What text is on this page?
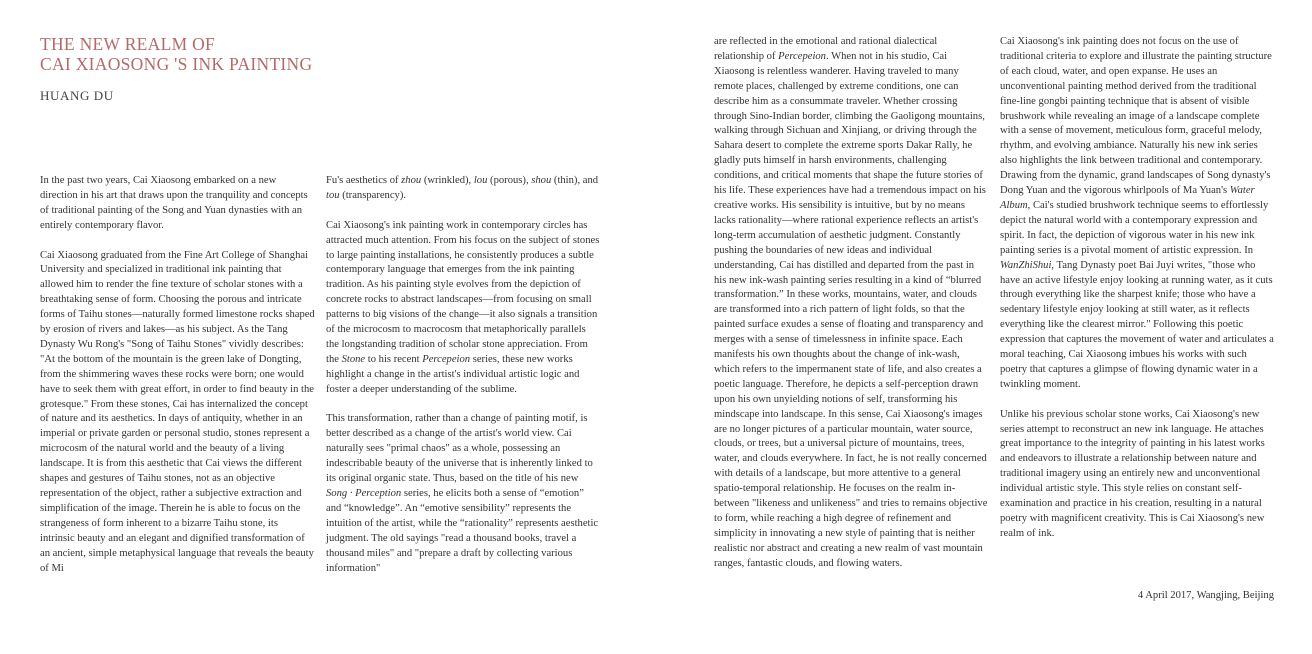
THE NEW REALM OF
CAI XIAOSONG 'S INK PAINTING
HUANG DU

In the past two years, Cai Xiaosong embarked on a new direction in his art that draws upon the tranquility and concepts of traditional painting of the Song and Yuan dynasties with an entirely contemporary flavor.

Cai Xiaosong graduated from the Fine Art College of Shanghai University and specialized in traditional ink painting that allowed him to render the fine texture of scholar stones with a breathtaking sense of form. Choosing the porous and intricate forms of Taihu stones—naturally formed limestone rocks shaped by erosion of rivers and lakes—as his subject. As the Tang Dynasty Wu Rong's "Song of Taihu Stones" vividly describes: "At the bottom of the mountain is the green lake of Dongting, from the shimmering waves these rocks were born; one would have to seek them with great effort, in order to find beauty in the grotesque." From these stones, Cai has internalized the concept of nature and its aesthetics. In days of antiquity, whether in an imperial or private garden or personal studio, stones represent a microcosm of the natural world and the beauty of a living landscape. It is from this aesthetic that Cai views the different shapes and gestures of Taihu stones, not as an objective representation of the object, rather a subjective extraction and simplification of the image. Therein he is able to focus on the strangeness of form inherent to a bizarre Taihu stone, its intrinsic beauty and an elegant and dignified transformation of an ancient, simple metaphysical language that reveals the beauty of Mi

Fu's aesthetics of zhou (wrinkled), lou (porous), shou (thin), and tou (transparency).

Cai Xiaosong's ink painting work in contemporary circles has attracted much attention. From his focus on the subject of stones to large painting installations, he consistently produces a subtle contemporary language that emerges from the ink painting tradition. As his painting style evolves from the depiction of concrete rocks to abstract landscapes—from focusing on small patterns to big visions of the change—it also signals a transition of the microcosm to macrocosm that metaphorically parallels the longstanding tradition of scholar stone appreciation. From the Stone to his recent Percepeion series, these new works highlight a change in the artist's individual artistic logic and foster a deeper understanding of the sublime.

This transformation, rather than a change of painting motif, is better described as a change of the artist's world view. Cai naturally sees "primal chaos" as a whole, possessing an indescribable beauty of the universe that is inherently linked to its original organic state. Thus, based on the title of his new Song · Perception series, he elicits both a sense of “emotion” and “knowledge”. An “emotive sensibility” represents the intuition of the artist, while the “rationality” represents aesthetic judgment. The old sayings "read a thousand books, travel a thousand miles" and "prepare a draft by collecting various information"

are reflected in the emotional and rational dialectical relationship of Percepeion. When not in his studio, Cai Xiaosong is relentless wanderer. Having traveled to many remote places, challenged by extreme conditions, one can describe him as a consummate traveler. Whether crossing through Sino-Indian border, climbing the Gaoligong mountains, walking through Sichuan and Xinjiang, or driving through the Sahara desert to complete the extreme sports Dakar Rally, he gladly puts himself in harsh environments, challenging conditions, and critical moments that shape the future stories of his life. These experiences have had a tremendous impact on his creative works. His sensibility is intuitive, but by no means lacks rationality—where rational experience reflects an artist's long-term accumulation of aesthetic judgment. Constantly pushing the boundaries of new ideas and individual understanding, Cai has distilled and departed from the past in his new ink-wash painting series resulting in a kind of “blurred transformation.” In these works, mountains, water, and clouds are transformed into a rich pattern of light folds, so that the painted surface exudes a sense of floating and transparency and merges with a sense of timelessness in infinite space. Each manifests his own thoughts about the change of ink-wash, which refers to the impermanent state of life, and also creates a poetic language. Therefore, he depicts a self-perception drawn upon his own unyielding notions of self, transforming his mindscape into landscape. In this sense, Cai Xiaosong's images are no longer pictures of a particular mountain, water source, clouds, or trees, but a universal picture of mountains, trees, water, and clouds everywhere. In fact, he is not really concerned with details of a landscape, but more attentive to a general spatio-temporal relationship. He focuses on the realm in-between "likeness and unlikeness" and tries to remains objective to form, while reaching a high degree of refinement and simplicity in innovating a new style of painting that is neither realistic nor abstract and creating a new realm of vast mountain ranges, fantastic clouds, and flowing waters.

Cai Xiaosong's ink painting does not focus on the use of traditional criteria to explore and illustrate the painting structure of each cloud, water, and open expanse. He uses an unconventional painting method derived from the traditional fine-line gongbi painting technique that is absent of visible brushwork while revealing an image of a landscape complete with a sense of movement, meticulous form, graceful melody, rhythm, and evolving ambiance. Naturally his new ink series also highlights the link between traditional and contemporary. Drawing from the dynamic, grand landscapes of Song dynasty's Dong Yuan and the vigorous whirlpools of Ma Yuan's Water Album, Cai's studied brushwork technique seems to effortlessly depict the natural world with a contemporary expression and spirit. In fact, the depiction of vigorous water in his new ink painting series is a pivotal moment of artistic expression. In WanZhiShui, Tang Dynasty poet Bai Juyi writes, "those who have an active lifestyle enjoy looking at running water, as it cuts through everything like the sharpest knife; those who have a sedentary lifestyle enjoy looking at still water, as it reflects everything like the clearest mirror." Following this poetic expression that captures the movement of water and articulates a moral teaching, Cai Xiaosong imbues his works with such poetry that captures a glimpse of flowing dynamic water in a twinkling moment.

Unlike his previous scholar stone works, Cai Xiaosong's new series attempt to reconstruct an new ink language. He attaches great importance to the integrity of painting in his latest works and endeavors to illustrate a relationship between nature and traditional imagery using an entirely new and unconventional individual artistic style. This style relies on constant self-examination and practice in his creation, resulting in a natural poetry with magnificent creativity. This is Cai Xiaosong's new realm of ink.

4 April 2017, Wangjing, Beijing
